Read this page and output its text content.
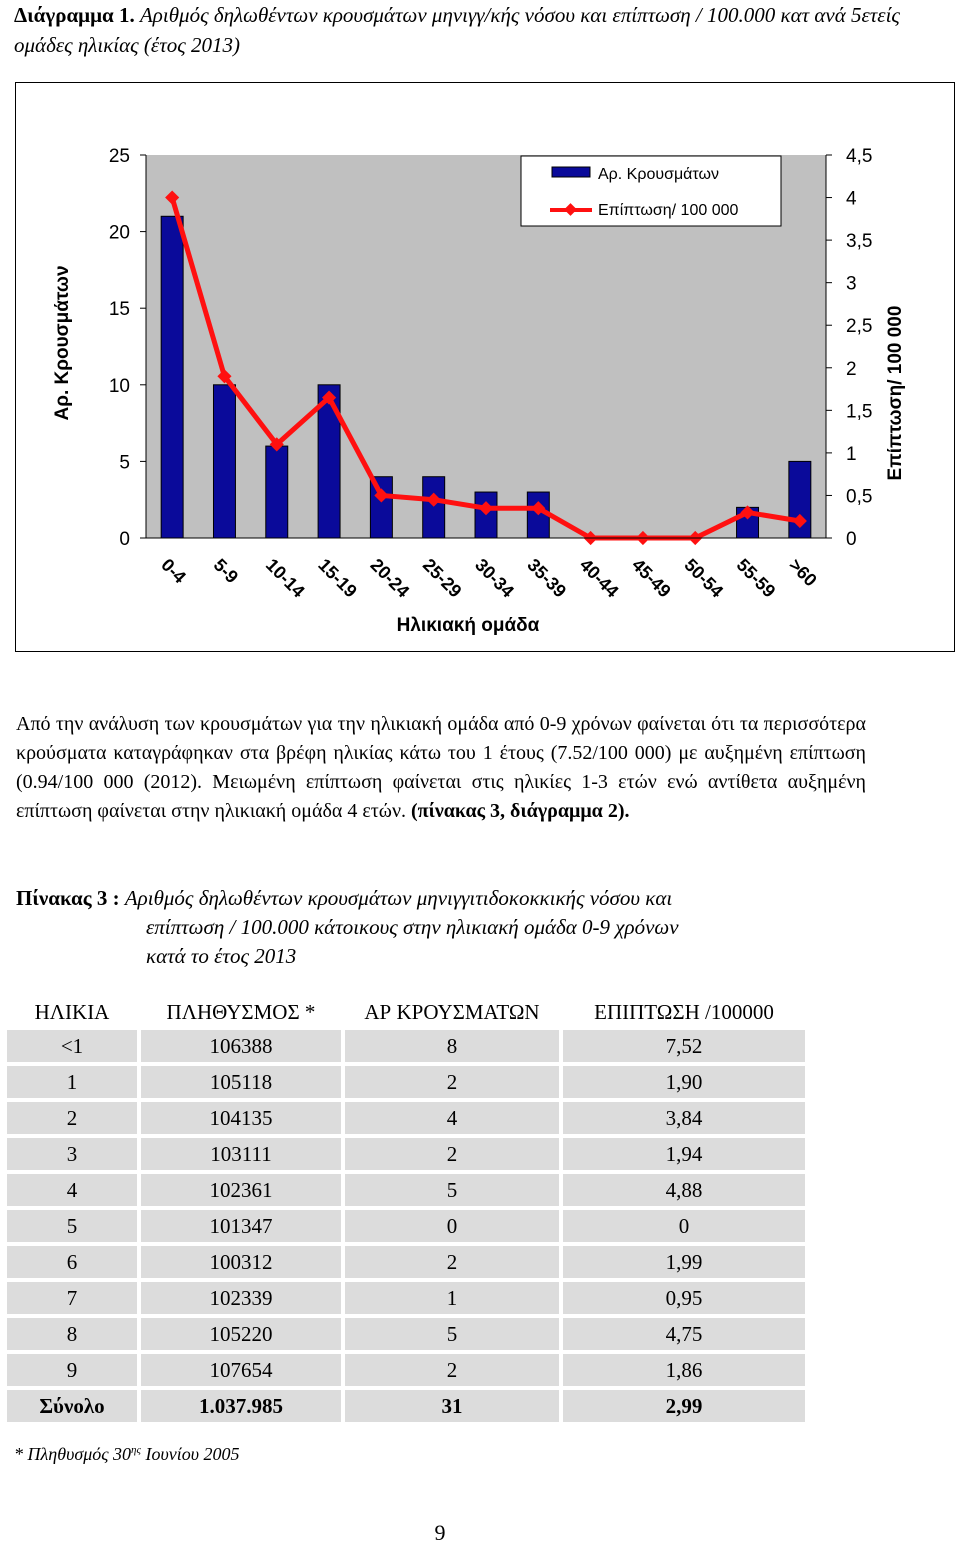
Διάγραμμα 1. Αριθμός δηλωθέντων κρουσμάτων μηνιγγ/κής νόσου και επίπτωση / 100.000 κατ ανά 5ετείς ομάδες ηλικίας (έτος 2013)
0
5
10
15
20
25
0
0,5
1
1,5
2
2,5
3
3,5
4
4,5
0-4 5-9 10-14 15-19 20-24 25-29 30-34 35-39 40-44 45-49 50-54 55-59 >60
Αρ. Κρουσμάτων	Επίπτωση/ 100 000
Ηλικιακή ομάδα
Αρ. Κρουσμάτων
Επίπτωση/ 100 000
Από την ανάλυση των κρουσμάτων για την ηλικιακή ομάδα από 0-9 χρόνων φαίνεται ότι τα περισσότερα κρούσματα καταγράφηκαν στα βρέφη ηλικίας κάτω του 1 έτους (7.52/100 000) με αυξημένη επίπτωση (0.94/100 000 (2012). Μειωμένη επίπτωση φαίνεται στις ηλικίες 1-3 ετών ενώ αντίθετα αυξημένη επίπτωση φαίνεται στην ηλικιακή ομάδα 4 ετών. (πίνακας 3, διάγραμμα 2).
Πίνακας 3 : Αριθμός δηλωθέντων κρουσμάτων μηνιγγιτιδοκοκκικής νόσου και
επίπτωση / 100.000 κάτοικους στην ηλικιακή ομάδα 0-9 χρόνων
κατά το έτος 2013
ΗΛΙΚΙΑ	ΠΛΗΘΥΣΜΟΣ *	ΑΡ ΚΡΟΥΣΜΑΤΩΝ	ΕΠΙΠΤΩΣΗ /100000
<1	106388	8	7,52
1	105118	2	1,90
2	104135	4	3,84
3	103111	2	1,94
4	102361	5	4,88
5	101347	0	0
6	100312	2	1,99
7	102339	1	0,95
8	105220	5	4,75
9	107654	2	1,86
Σύνολο	1.037.985	31	2,99
* Πληθυσμός $30^{\eta\varsigma}$ Ιουνίου 2005
9
